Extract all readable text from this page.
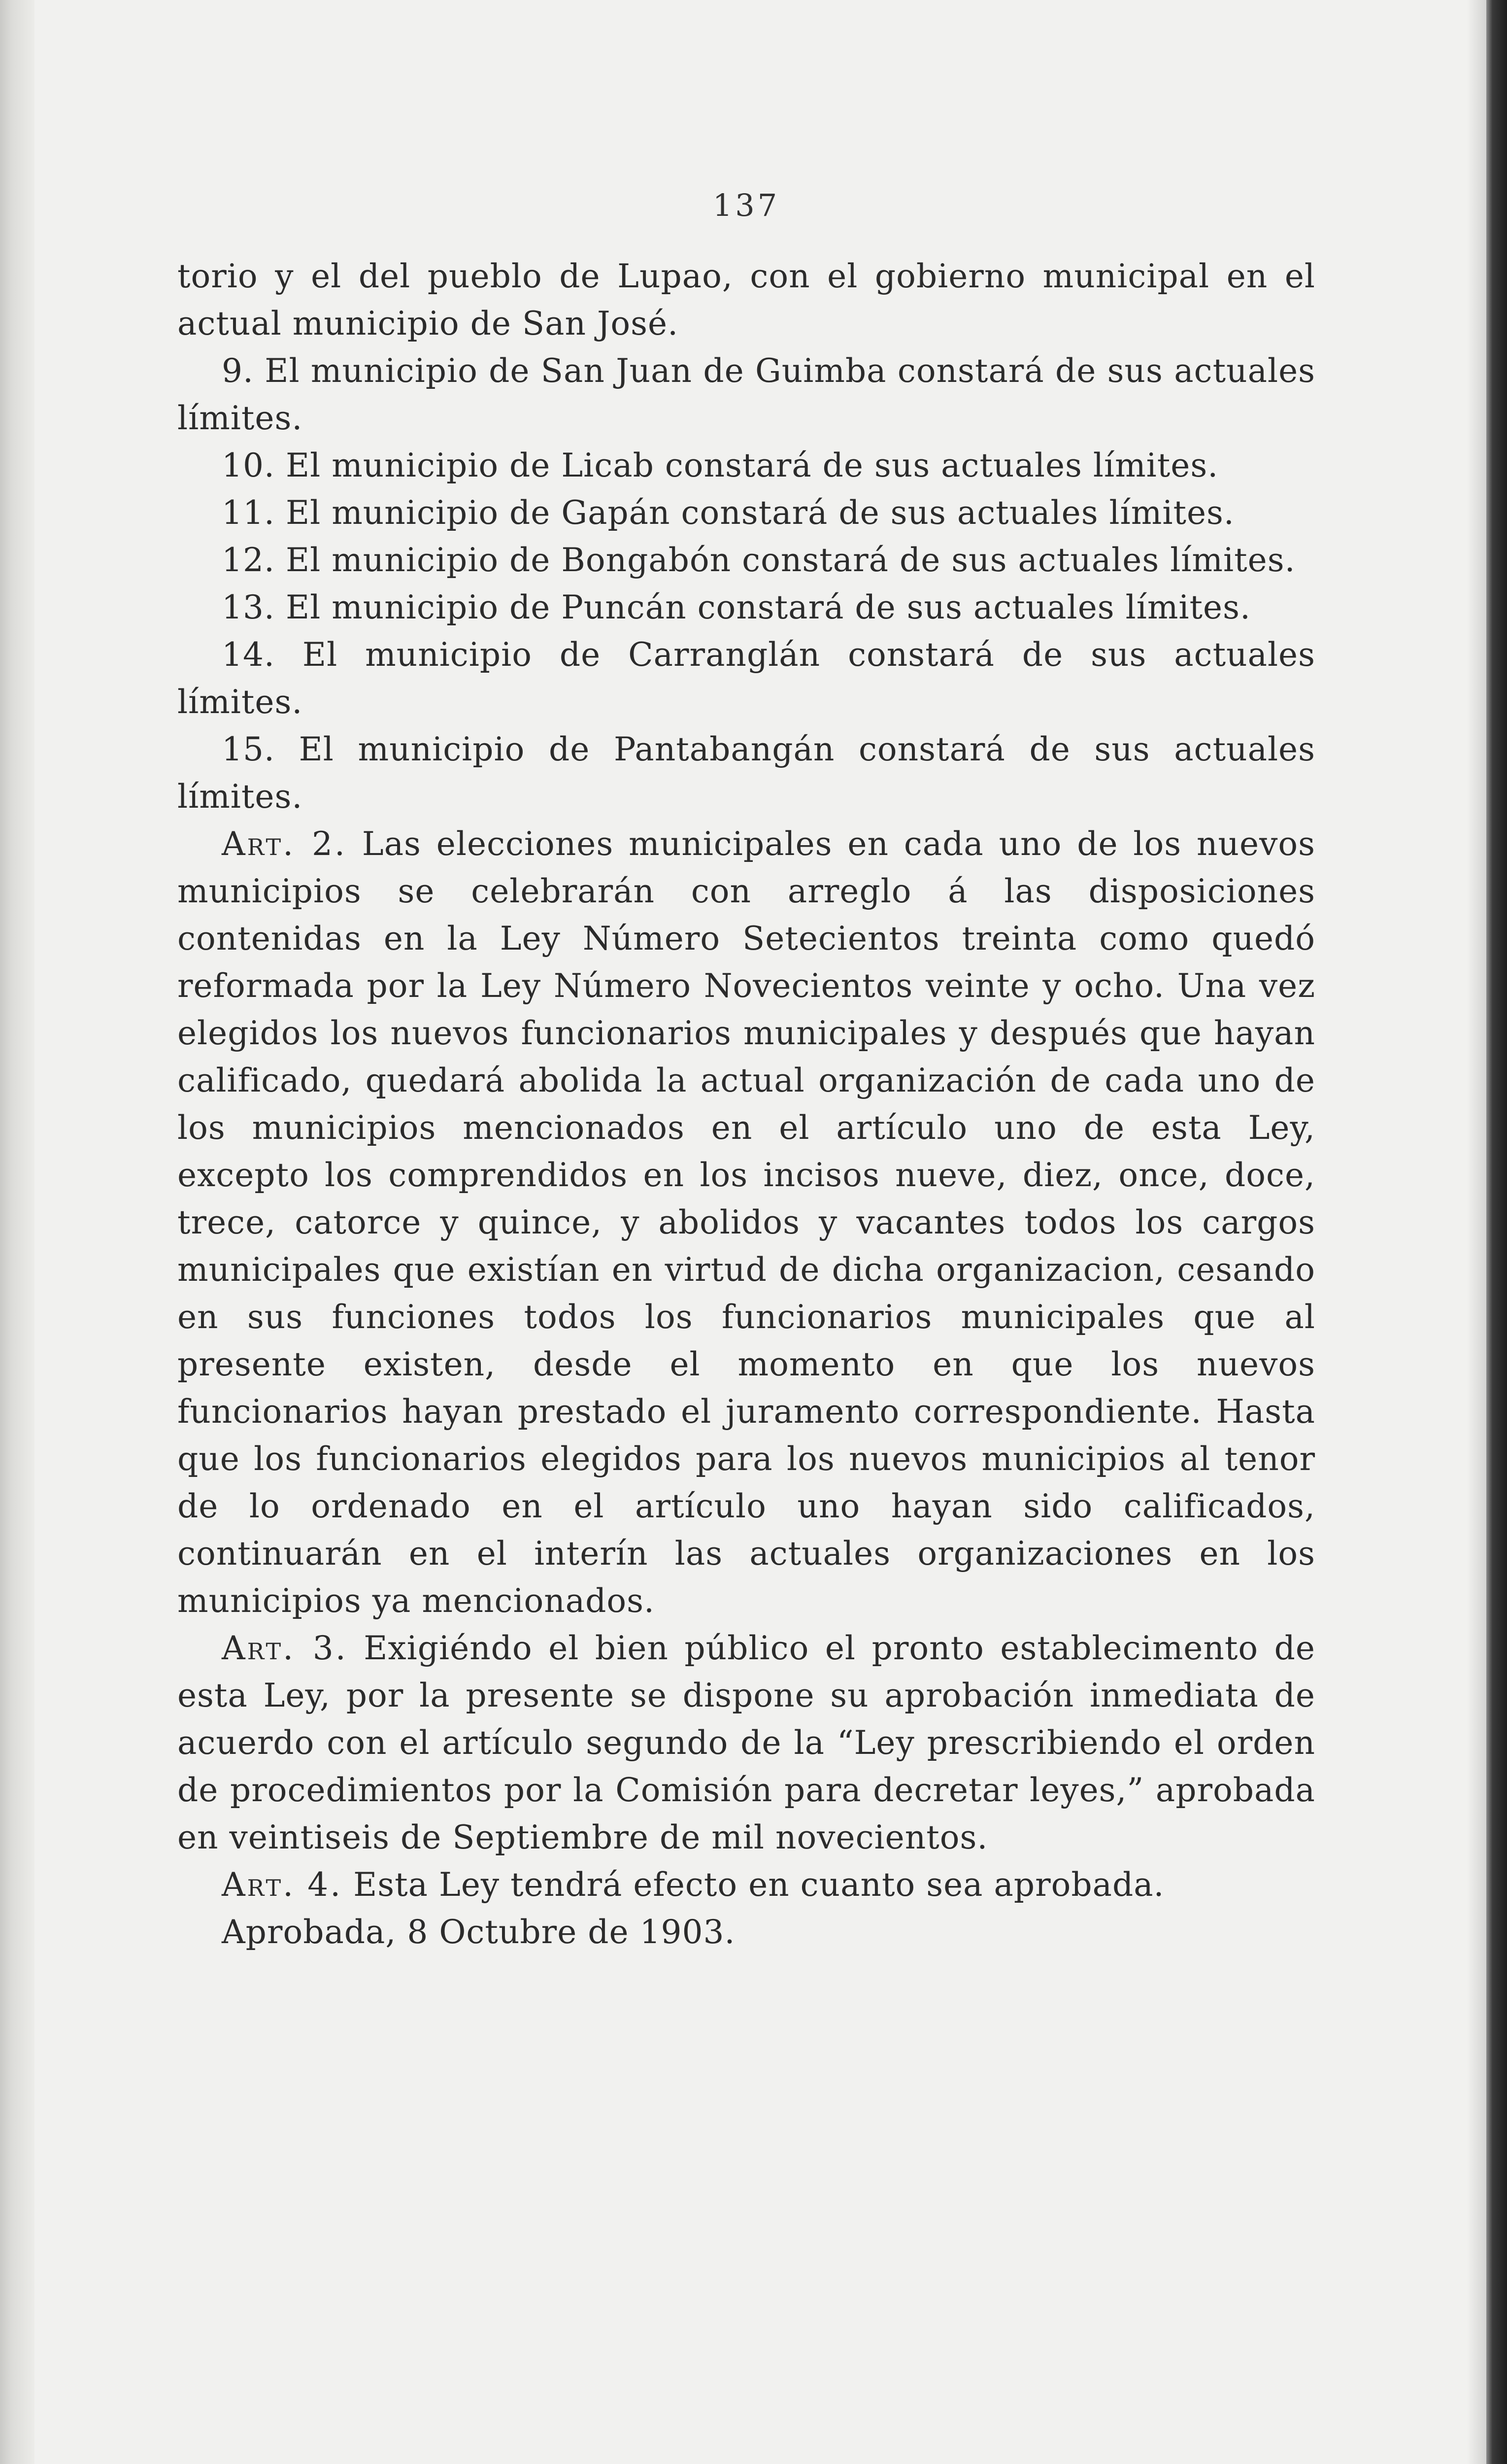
137

torio y el del pueblo de Lupao, con el gobierno municipal en el actual municipio de San José.

9. El municipio de San Juan de Guimba constará de sus actuales límites.

10. El municipio de Licab constará de sus actuales límites.

11. El municipio de Gapán constará de sus actuales límites.

12. El municipio de Bongabón constará de sus actuales límites.

13. El municipio de Puncán constará de sus actuales límites.

14. El municipio de Carranglán constará de sus actuales límites.

15. El municipio de Pantabangán constará de sus actuales límites.

Art. 2. Las elecciones municipales en cada uno de los nuevos municipios se celebrarán con arreglo á las disposiciones contenidas en la Ley Número Setecientos treinta como quedó reformada por la Ley Número Novecientos veinte y ocho. Una vez elegidos los nuevos funcionarios municipales y después que hayan calificado, quedará abolida la actual organización de cada uno de los municipios mencionados en el artículo uno de esta Ley, excepto los comprendidos en los incisos nueve, diez, once, doce, trece, catorce y quince, y abolidos y vacantes todos los cargos municipales que existían en virtud de dicha organizacion, cesando en sus funciones todos los funcionarios municipales que al presente existen, desde el momento en que los nuevos funcionarios hayan prestado el juramento correspondiente. Hasta que los funcionarios elegidos para los nuevos municipios al tenor de lo ordenado en el artículo uno hayan sido calificados, continuarán en el interín las actuales organizaciones en los municipios ya mencionados.

Art. 3. Exigiéndo el bien público el pronto establecimento de esta Ley, por la presente se dispone su aprobación inmediata de acuerdo con el artículo segundo de la “Ley prescribiendo el orden de procedimientos por la Comisión para decretar leyes,” aprobada en veintiseis de Septiembre de mil novecientos.

Art. 4. Esta Ley tendrá efecto en cuanto sea aprobada.

Aprobada, 8 Octubre de 1903.
